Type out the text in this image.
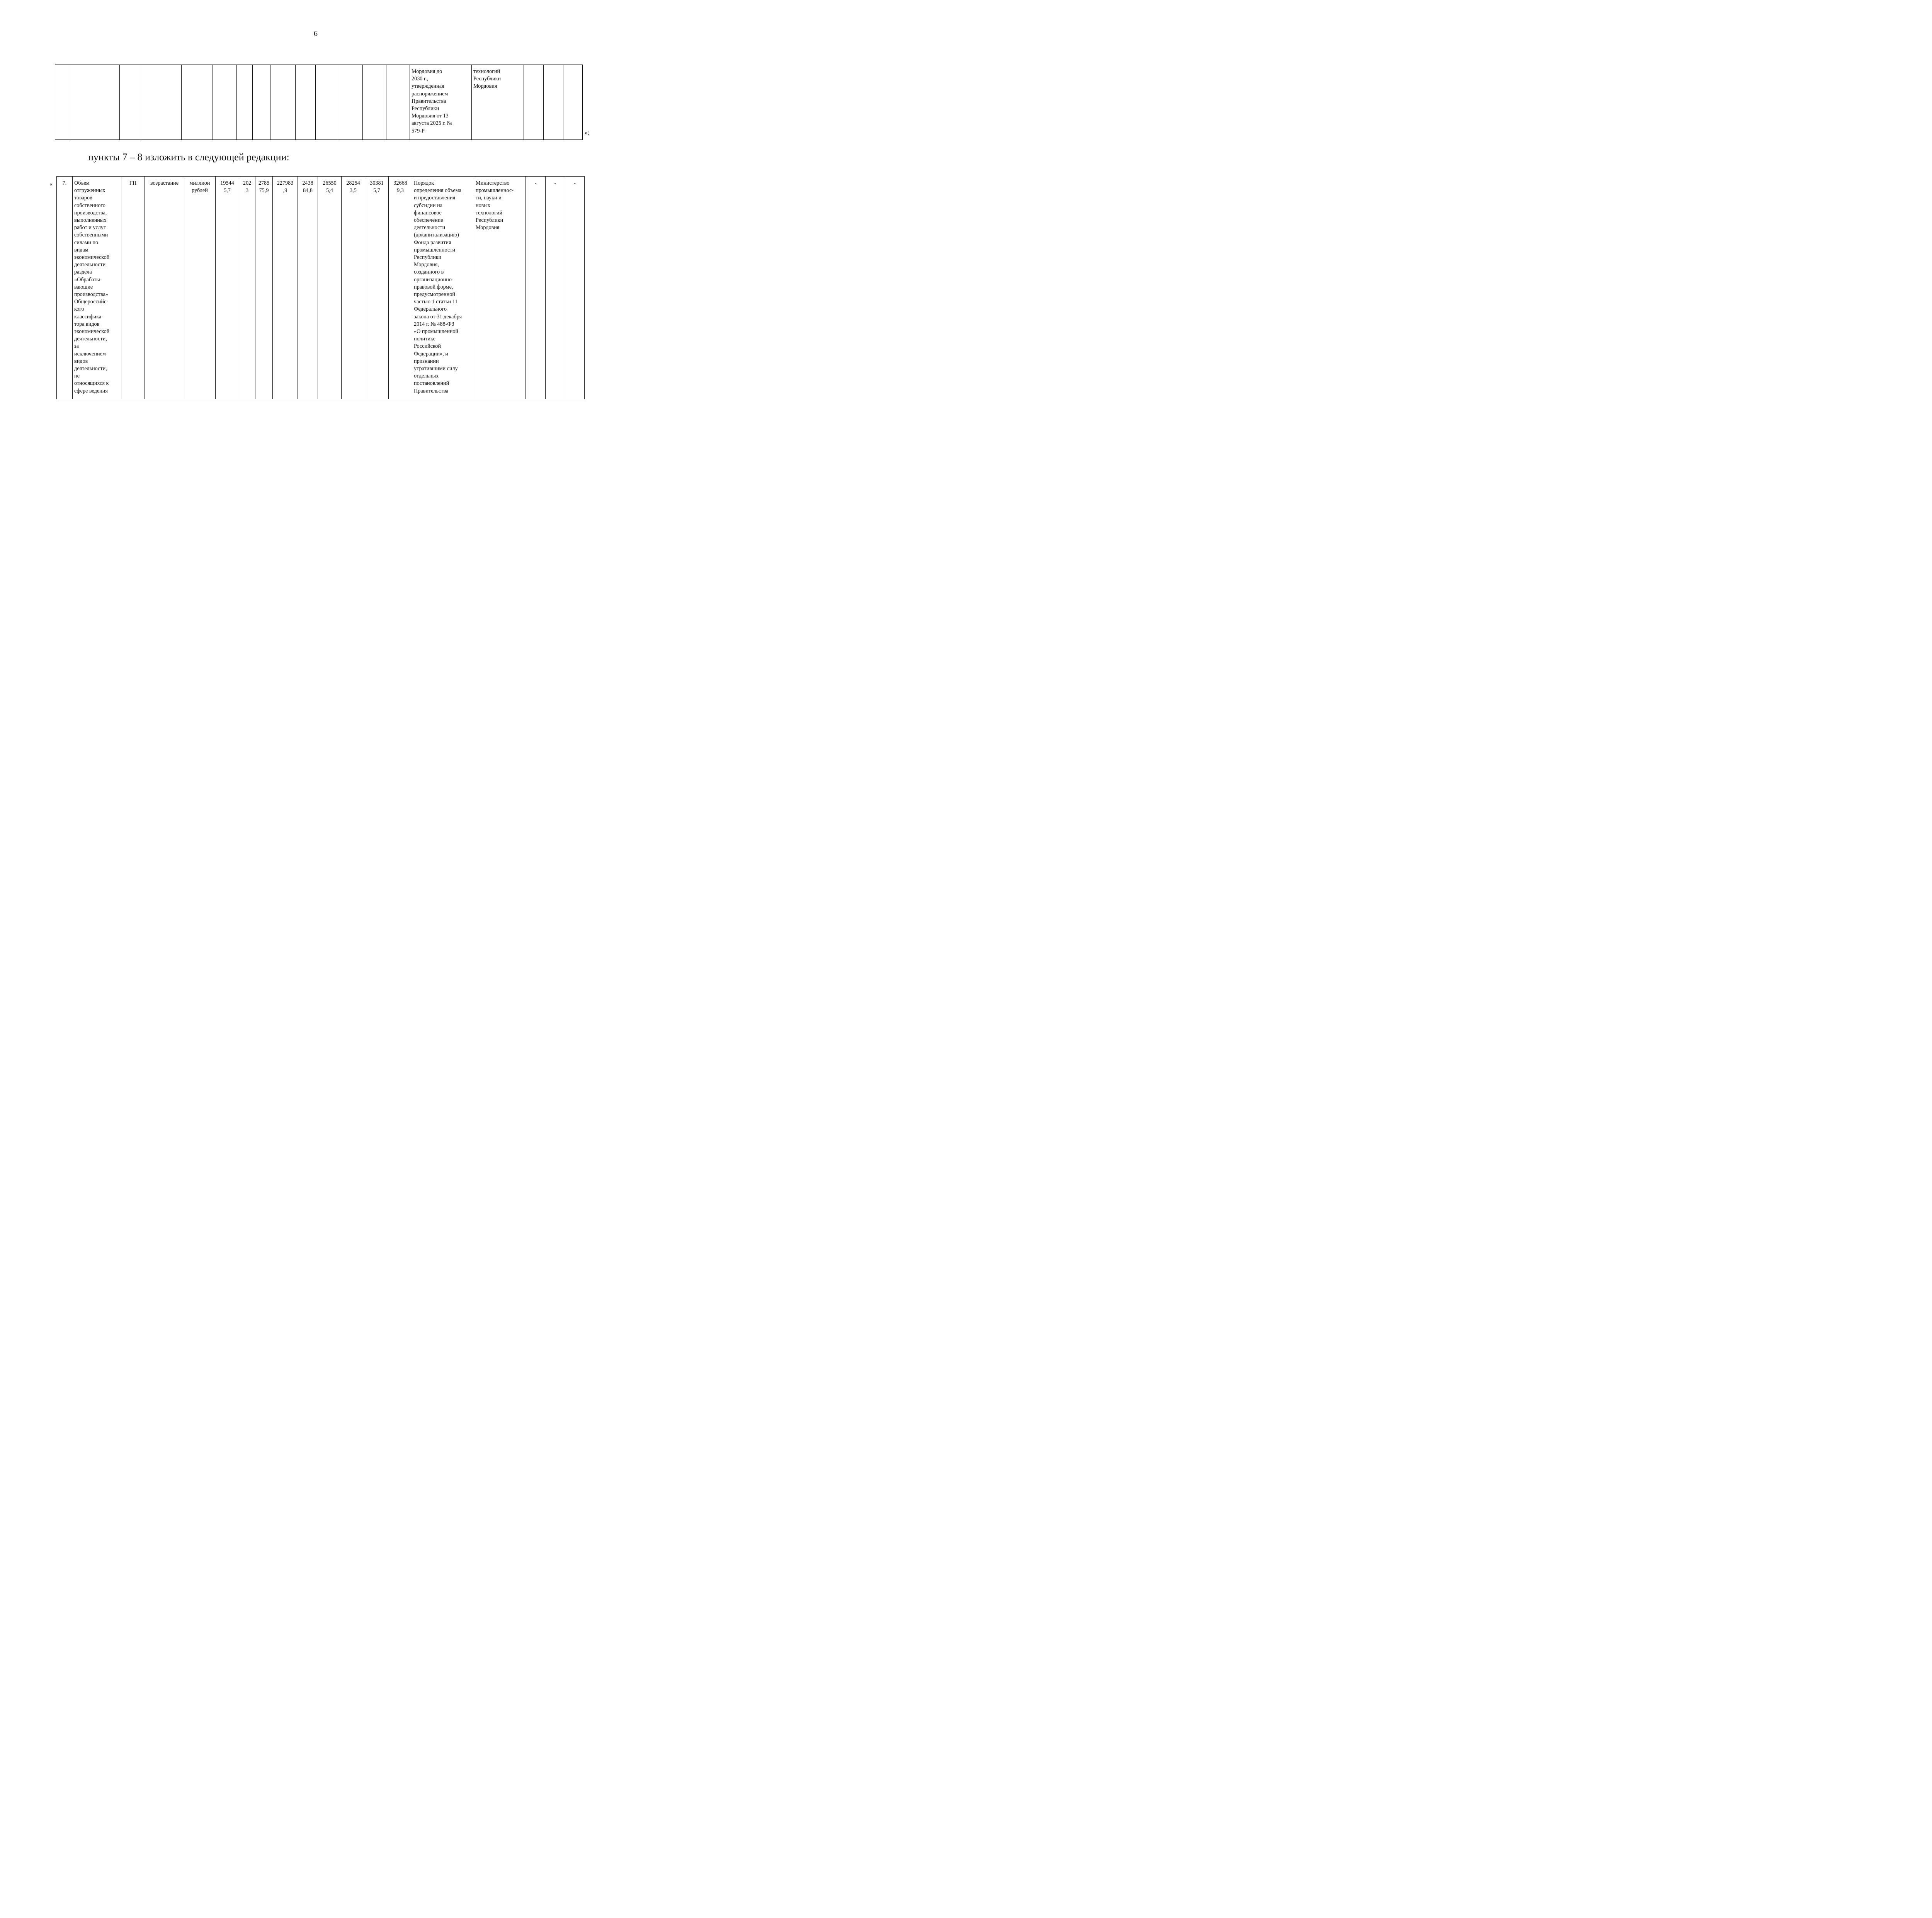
6
														Мордовия до
2030 г.,
утвержденная
распоряжением
Правительства
Республики
Мордовия от 13
августа 2025 г. №
579-Р	технологий
Республики
Мордовия			
»;
пункты 7 – 8 изложить в следующей редакции:
« 7.	Объем
отгруженных
товаров
собственного
производства,
выполненных
работ и услуг
собственными
силами по
видам
экономической
деятельности
раздела
«Обрабаты-
вающие
производства»
Общероссийс-
кого
классифика-
тора видов
экономической
деятельности,
за
исключением
видов
деятельности,
не
относящихся к
сфере ведения	ГП	возрастание	миллион
рублей	19544
5,7	202
3	2785
75,9	227983
,9	2438
84,8	26550
5,4	28254
3,5	30381
5,7	32668
9,3	Порядок
определения объема
и предоставления
субсидии на
финансовое
обеспечение
деятельности
(докапитализацию)
Фонда развития
промышленности
Республики
Мордовия,
созданного в
организационно-
правовой форме,
предусмотренной
частью 1 статьи 11
Федерального
закона от 31 декабря
2014 г. № 488-ФЗ
«О промышленной
политике
Российской
Федерации», и
признании
утратившими силу
отдельных
постановлений
Правительства	Министерство
промышленнос-
ти, науки и
новых
технологий
Республики
Мордовия	-	-	-
